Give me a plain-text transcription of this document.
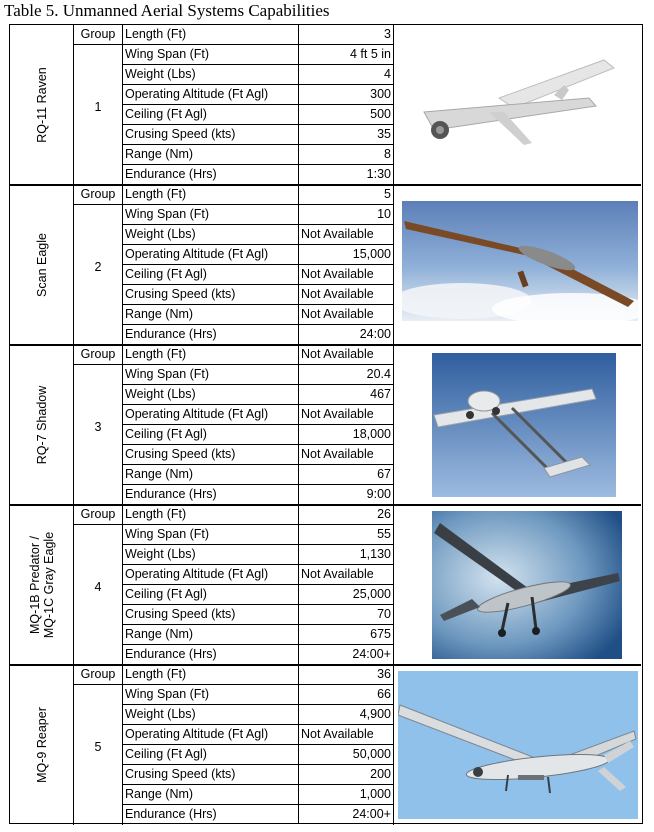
Table 5. Unmanned Aerial Systems Capabilities
RQ-11 Raven
Group
1
Length (Ft)	3
Wing Span (Ft)	4 ft 5 in
Weight (Lbs)	4
Operating Altitude (Ft Agl)	300
Ceiling (Ft Agl)	500
Crusing Speed (kts)	35
Range (Nm)	8
Endurance (Hrs)	1:30
Scan Eagle
Group
2
Length (Ft)	5
Wing Span (Ft)	10
Weight (Lbs)	Not Available
Operating Altitude (Ft Agl)	15,000
Ceiling (Ft Agl)	Not Available
Crusing Speed (kts)	Not Available
Range (Nm)	Not Available
Endurance (Hrs)	24:00
RQ-7 Shadow
Group
3
Length (Ft)	Not Available
Wing Span (Ft)	20.4
Weight (Lbs)	467
Operating Altitude (Ft Agl)	Not Available
Ceiling (Ft Agl)	18,000
Crusing Speed (kts)	Not Available
Range (Nm)	67
Endurance (Hrs)	9:00
MQ-1B Predator /
MQ-1C Gray Eagle
Group
4
Length (Ft)	26
Wing Span (Ft)	55
Weight (Lbs)	1,130
Operating Altitude (Ft Agl)	Not Available
Ceiling (Ft Agl)	25,000
Crusing Speed (kts)	70
Range (Nm)	675
Endurance (Hrs)	24:00+
MQ-9 Reaper
Group
5
Length (Ft)	36
Wing Span (Ft)	66
Weight (Lbs)	4,900
Operating Altitude (Ft Agl)	Not Available
Ceiling (Ft Agl)	50,000
Crusing Speed (kts)	200
Range (Nm)	1,000
Endurance (Hrs)	24:00+
